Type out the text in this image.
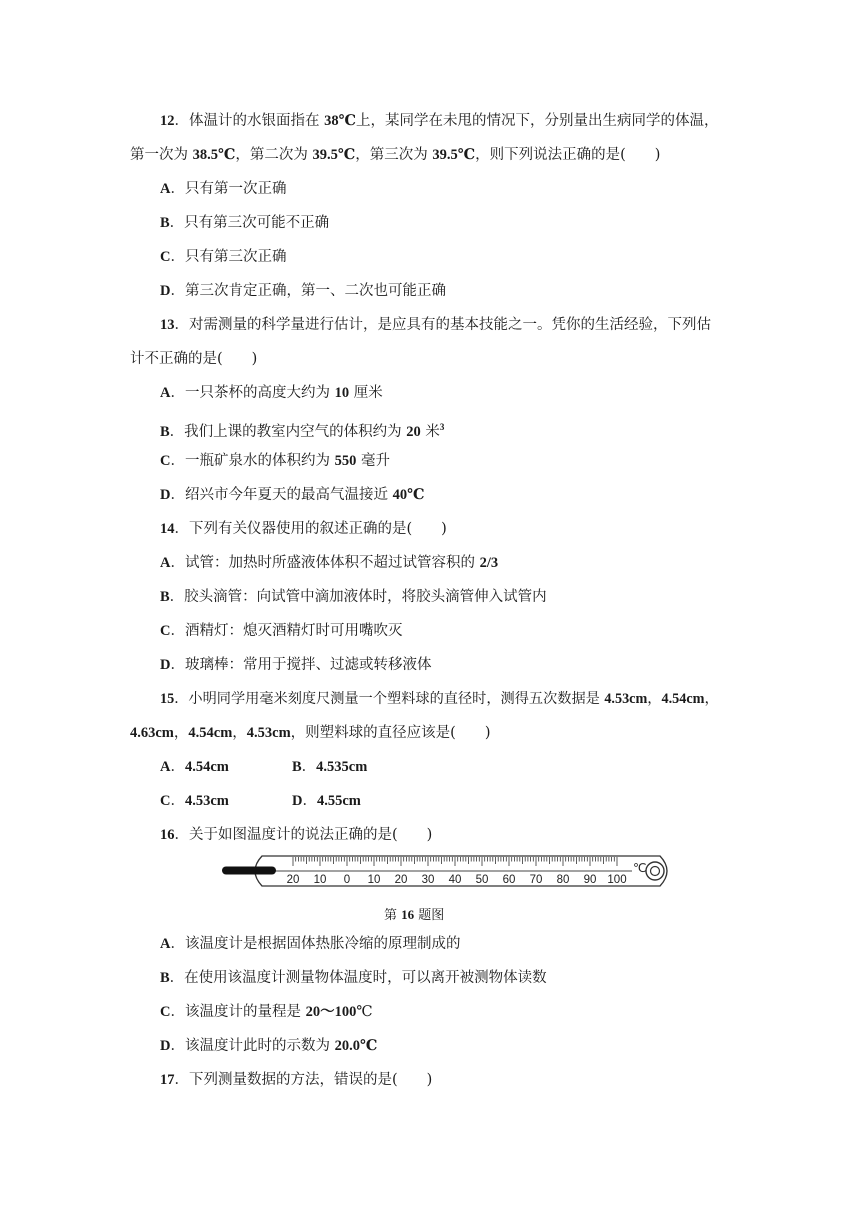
12．体温计的水银面指在 38℃上，某同学在未甩的情况下，分别量出生病同学的体温，
第一次为 38.5℃，第二次为 39.5℃，第三次为 39.5℃，则下列说法正确的是(　　)
A．只有第一次正确
B．只有第三次可能不正确
C．只有第三次正确
D．第三次肯定正确，第一、二次也可能正确
13．对需测量的科学量进行估计，是应具有的基本技能之一。凭你的生活经验，下列估
计不正确的是(　　)
A．一只茶杯的高度大约为 10 厘米
B．我们上课的教室内空气的体积约为 20 米$^3$
C．一瓶矿泉水的体积约为 550 毫升
D．绍兴市今年夏天的最高气温接近 40℃
14．下列有关仪器使用的叙述正确的是(　　)
A．试管：加热时所盛液体体积不超过试管容积的 2/3
B．胶头滴管：向试管中滴加液体时，将胶头滴管伸入试管内
C．酒精灯：熄灭酒精灯时可用嘴吹灭
D．玻璃棒：常用于搅拌、过滤或转移液体
15．小明同学用毫米刻度尺测量一个塑料球的直径时，测得五次数据是 4.53cm，4.54cm，
4.63cm，4.54cm，4.53cm，则塑料球的直径应该是(　　)
A．4.54cm	B．4.535cm
C．4.53cm	D．4.55cm
16．关于如图温度计的说法正确的是(　　)
20 10 0 10 20 30 40 50 60 70 80 90 100
℃
第 16 题图
A．该温度计是根据固体热胀冷缩的原理制成的
B．在使用该温度计测量物体温度时，可以离开被测物体读数
C．该温度计的量程是 20～100℃
D．该温度计此时的示数为 20.0℃
17．下列测量数据的方法，错误的是(　　)
